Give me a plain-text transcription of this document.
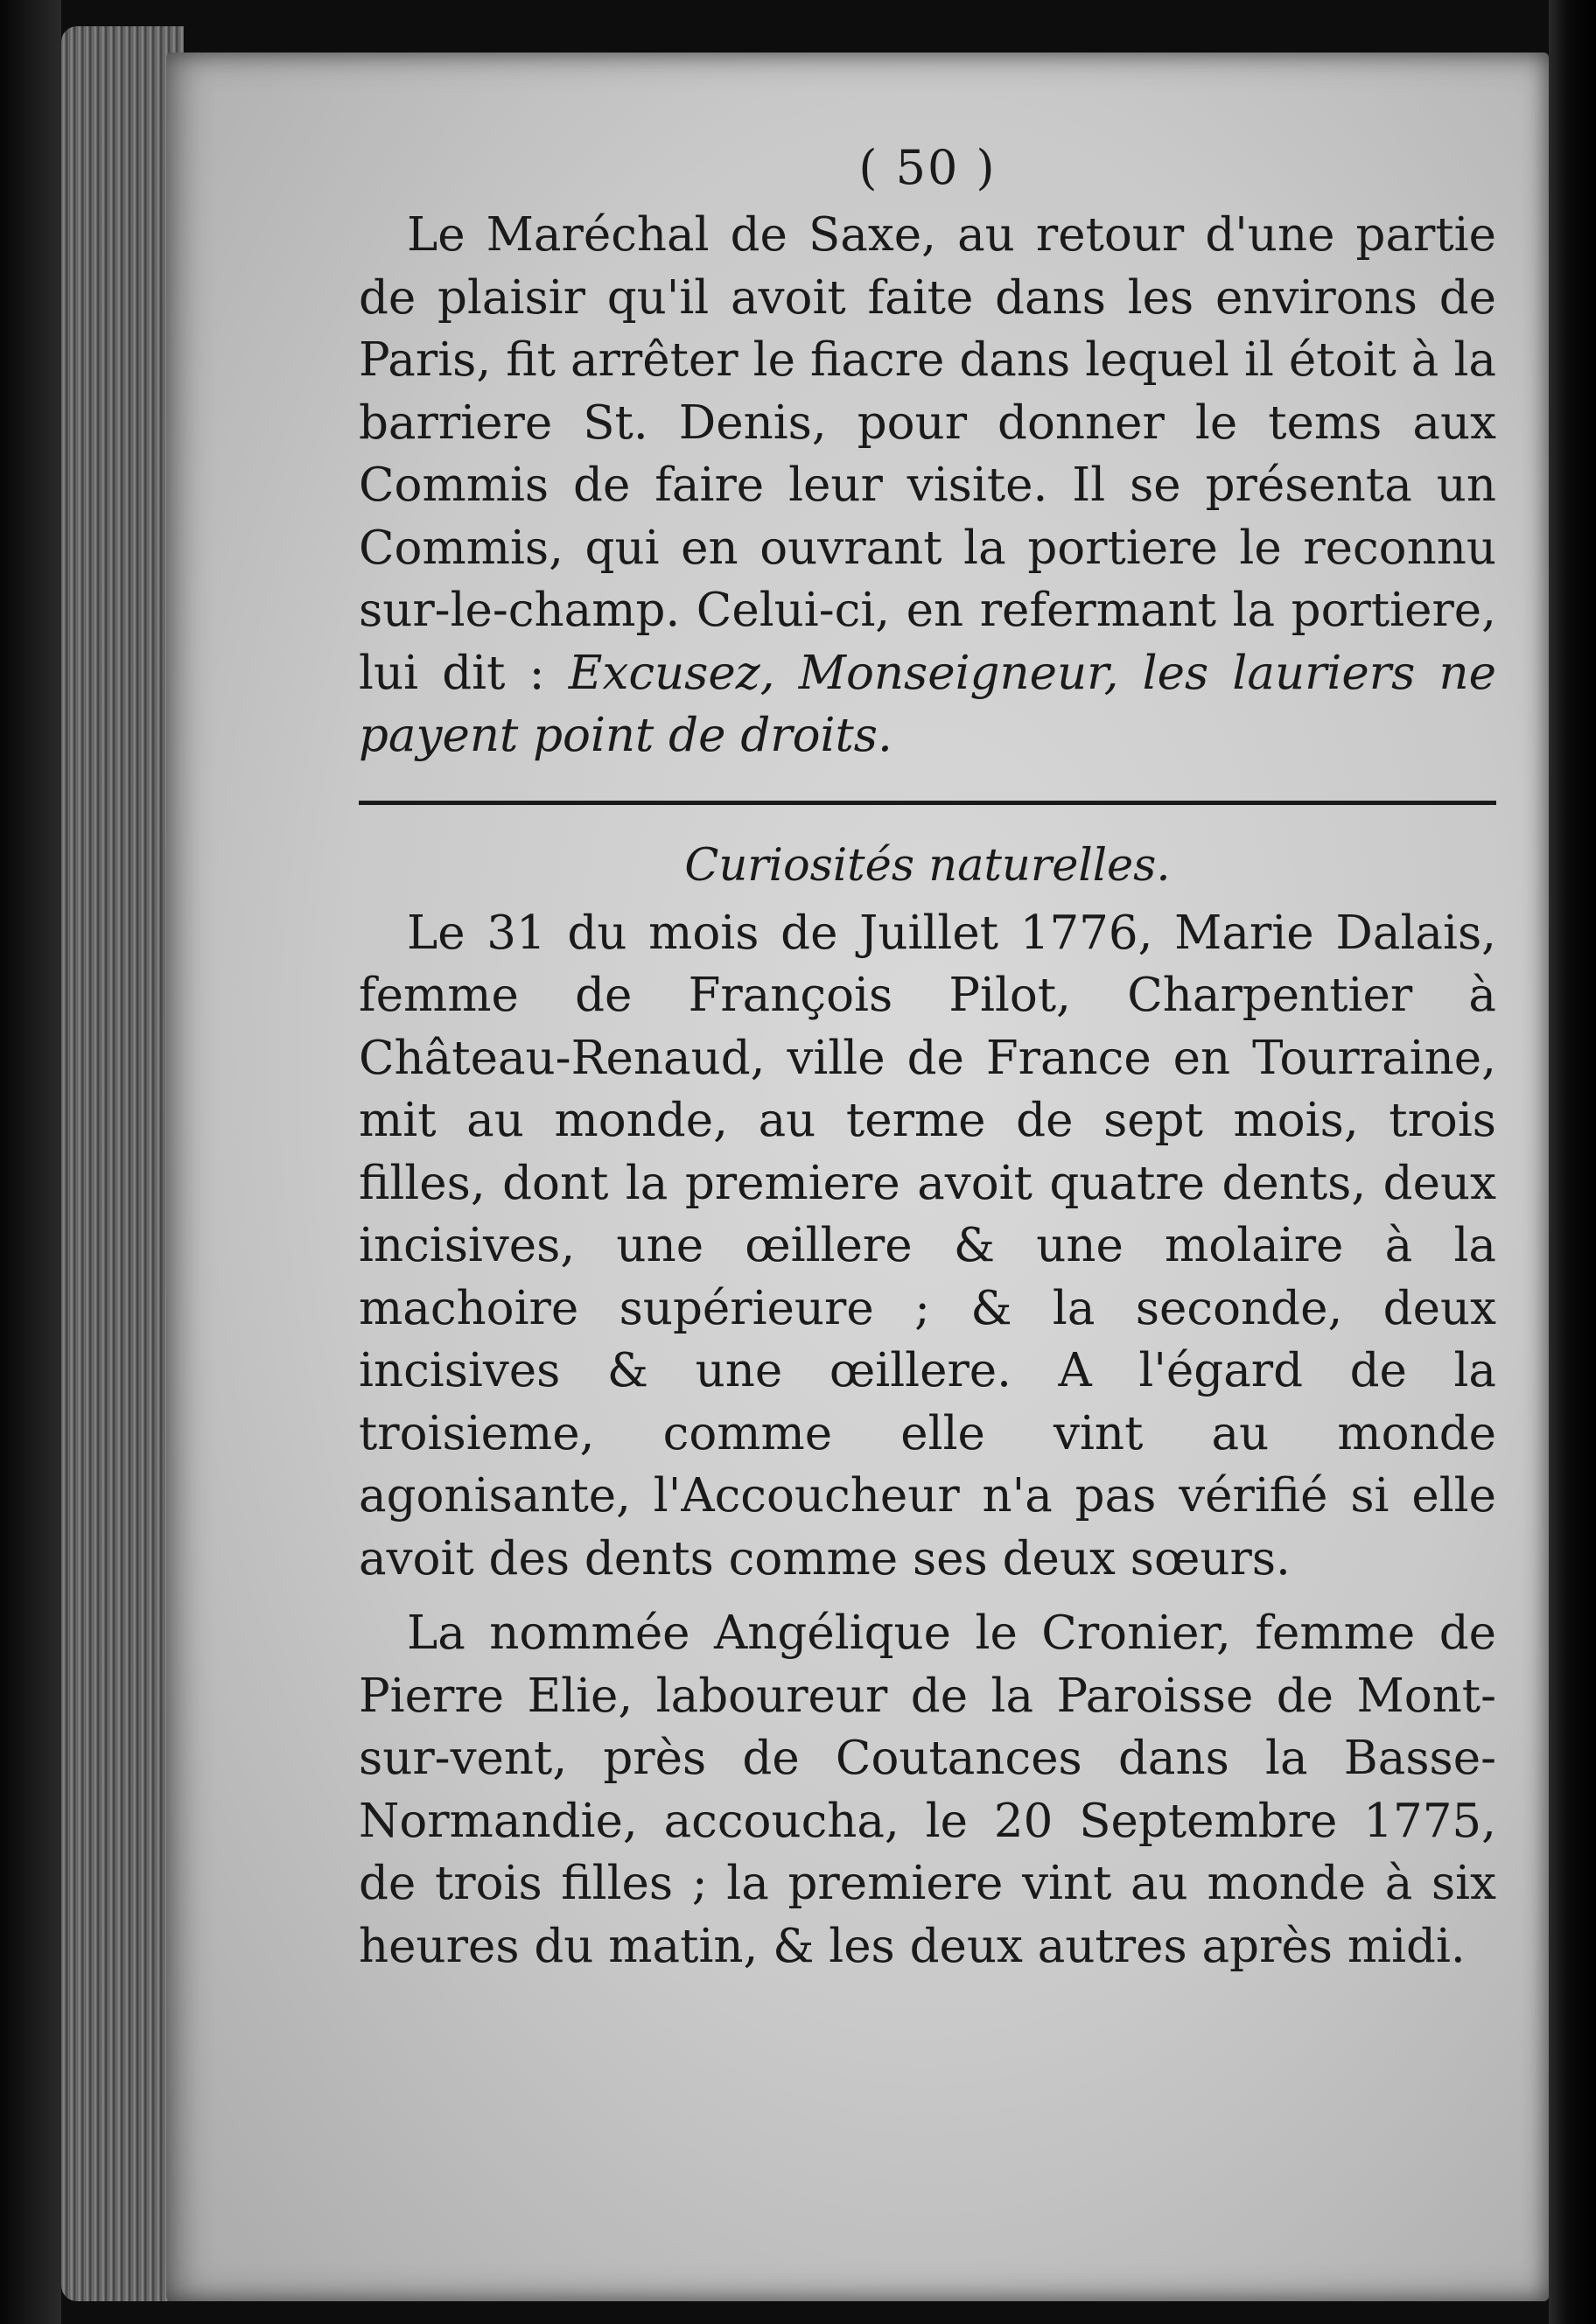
( 50 )

Le Maréchal de Saxe, au retour d'une partie de plaisir qu'il avoit faite dans les environs de Paris, fit arrêter le fiacre dans lequel il étoit à la barriere St. Denis, pour donner le tems aux Commis de faire leur visite. Il se présenta un Commis, qui en ouvrant la portiere le reconnu sur-le-champ. Celui-ci, en refermant la portiere, lui dit : Excusez, Monseigneur, les lauriers ne payent point de droits.

Curiosités naturelles.

Le 31 du mois de Juillet 1776, Marie Dalais, femme de François Pilot, Charpentier à Château-Renaud, ville de France en Tourraine, mit au monde, au terme de sept mois, trois filles, dont la premiere avoit quatre dents, deux incisives, une œillere & une molaire à la machoire supérieure ; & la seconde, deux incisives & une œillere. A l'égard de la troisieme, comme elle vint au monde agonisante, l'Accoucheur n'a pas vérifié si elle avoit des dents comme ses deux sœurs.

La nommée Angélique le Cronier, femme de Pierre Elie, laboureur de la Paroisse de Mont-sur-vent, près de Coutances dans la Basse-Normandie, accoucha, le 20 Septembre 1775, de trois filles ; la premiere vint au monde à six heures du matin, & les deux autres après midi.
